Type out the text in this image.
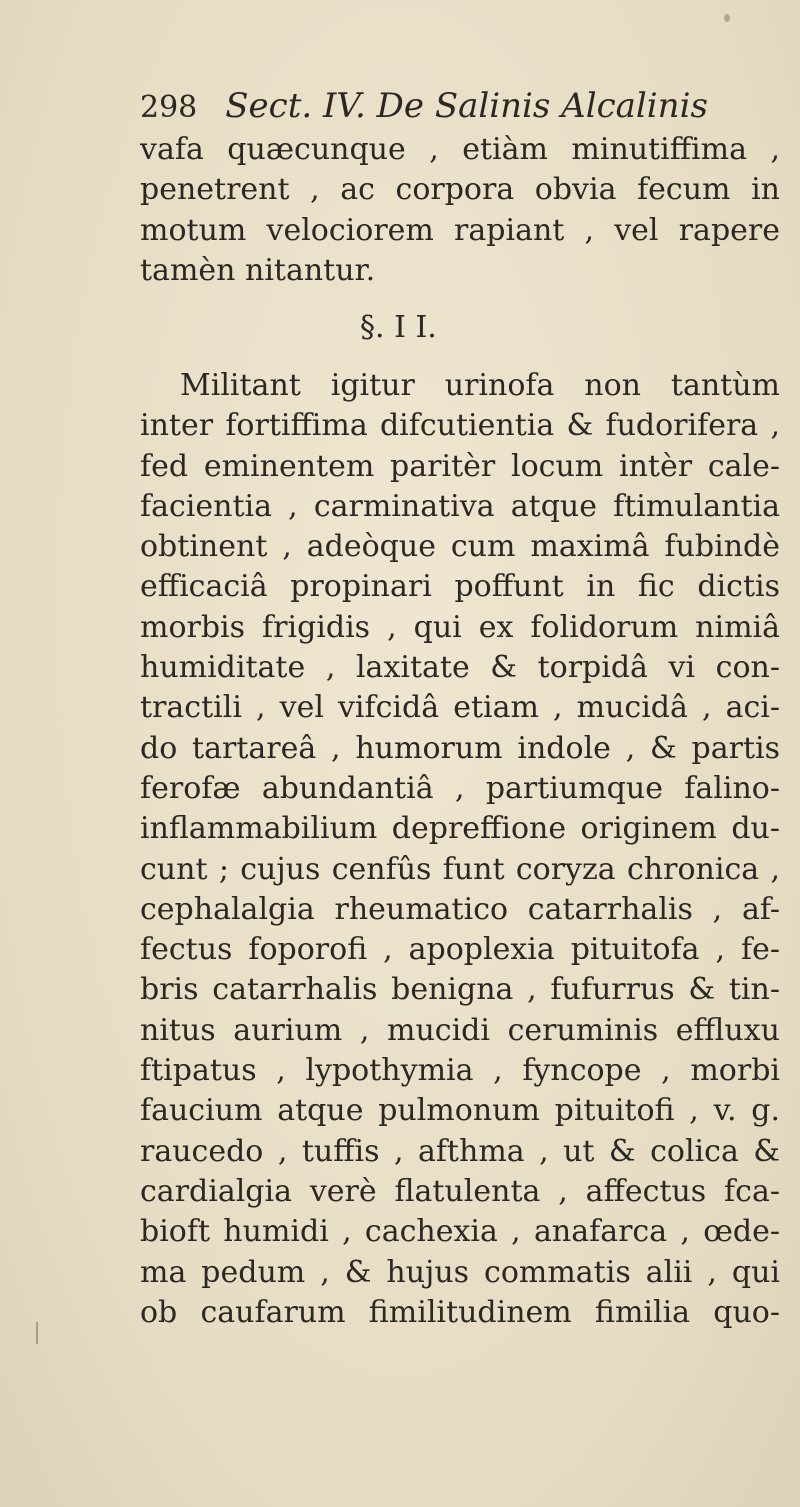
298 Sect. IV. De Salinis Alcalinis
vafa quæcunque , etiàm minutiffima ,
penetrent , ac corpora obvia fecum in
motum velociorem rapiant , vel rapere
tamèn nitantur.
§. I I.
Militant igitur urinofa non tantùm
inter fortiffima difcutientia & fudorifera ,
fed eminentem paritèr locum intèr cale-
facientia , carminativa atque ftimulantia
obtinent , adeòque cum maximâ fubindè
efficaciâ propinari poffunt in fic dictis
morbis frigidis , qui ex folidorum nimiâ
humiditate , laxitate & torpidâ vi con-
tractili , vel vifcidâ etiam , mucidâ , aci-
do tartareâ , humorum indole , & partis
ferofæ abundantiâ , partiumque falino-
inflammabilium depreffione originem du-
cunt ; cujus cenfûs funt coryza chronica ,
cephalalgia rheumatico catarrhalis , af-
fectus foporofi , apoplexia pituitofa , fe-
bris catarrhalis benigna , fufurrus & tin-
nitus aurium , mucidi ceruminis effluxu
ftipatus , lypothymia , fyncope , morbi
faucium atque pulmonum pituitofi , v. g.
raucedo , tuffis , afthma , ut & colica &
cardialgia verè flatulenta , affectus fca-
bioft humidi , cachexia , anafarca , œde-
ma pedum , & hujus commatis alii , qui
ob caufarum fimilitudinem fimilia quo-
